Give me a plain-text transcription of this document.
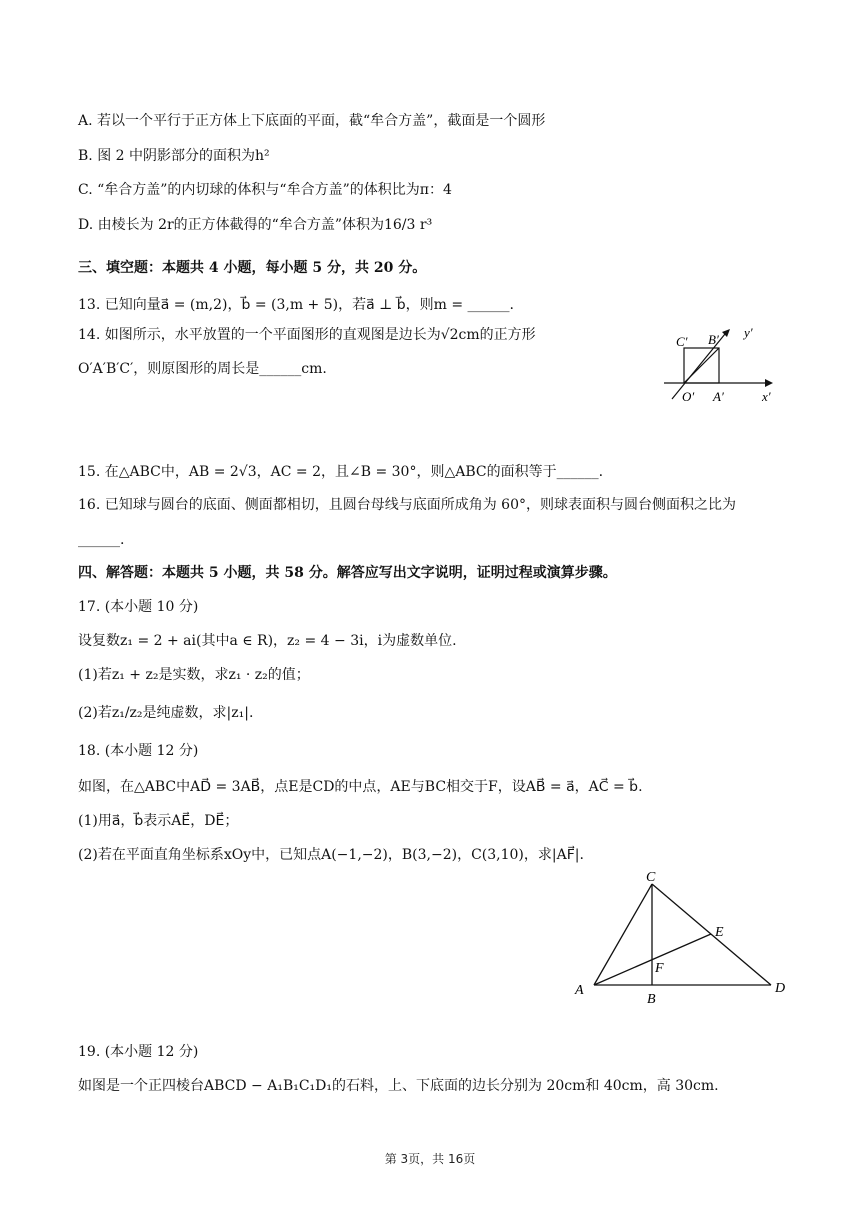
A. 若以一个平行于正方体上下底面的平面，截“牟合方盖”，截面是一个圆形
B. 图 2 中阴影部分的面积为h²
C. “牟合方盖”的内切球的体积与“牟合方盖”的体积比为π：4
D. 由棱长为 2r的正方体截得的“牟合方盖”体积为16/3 r³
三、填空题：本题共 4 小题，每小题 5 分，共 20 分。
13. 已知向量a⃗ = (m,2)，b⃗ = (3,m + 5)，若a⃗ ⊥ b⃗，则m = ______.
14. 如图所示，水平放置的一个平面图形的直观图是边长为√2cm的正方形
O′A′B′C′，则原图形的周长是______cm.
C′ B′ y′
O′ A′	x′
15. 在△ABC中，AB = 2√3，AC = 2，且∠B = 30°，则△ABC的面积等于______.
16. 已知球与圆台的底面、侧面都相切，且圆台母线与底面所成角为 60°，则球表面积与圆台侧面积之比为
______.
四、解答题：本题共 5 小题，共 58 分。解答应写出文字说明，证明过程或演算步骤。
17. (本小题 10 分)
设复数z₁ = 2 + ai(其中a ∈ R)，z₂ = 4 − 3i，i为虚数单位.
(1)若z₁ + z₂是实数，求z₁ · z₂的值；
(2)若z₁/z₂是纯虚数，求|z₁|.
18. (本小题 12 分)
如图，在△ABC中AD⃗ = 3AB⃗，点E是CD的中点，AE与BC相交于F，设AB⃗ = a⃗，AC⃗ = b⃗.
(1)用a⃗，b⃗表示AE⃗，DE⃗；
(2)若在平面直角坐标系xOy中，已知点A(−1,−2)，B(3,−2)，C(3,10)，求|AF⃗|.
C
E
F
A
B
D
19. (本小题 12 分)
如图是一个正四棱台ABCD − A₁B₁C₁D₁的石料，上、下底面的边长分别为 20cm和 40cm，高 30cm.
第 3页，共 16页
